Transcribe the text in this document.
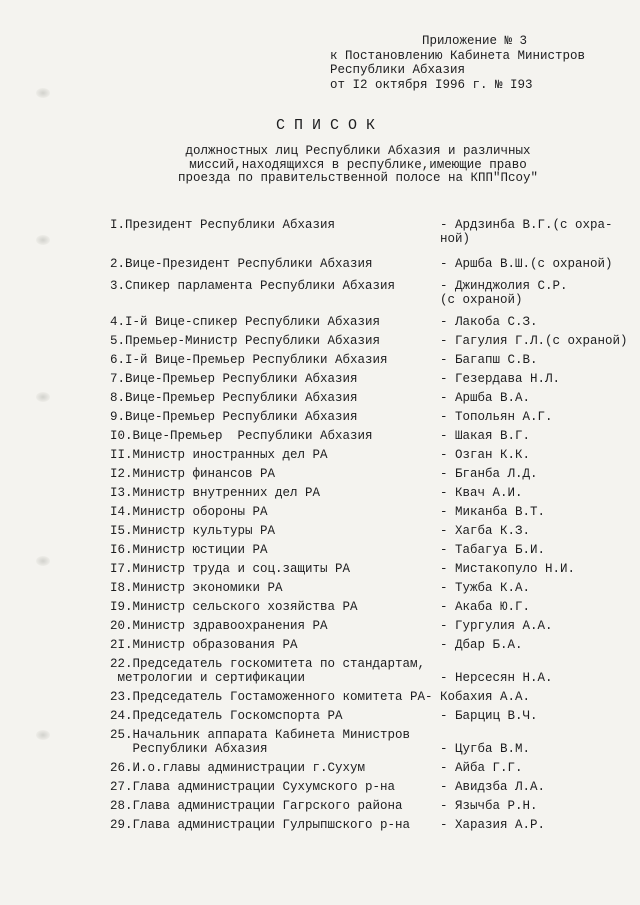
Приложение № 3
к Постановлению Кабинета Министров
Республики Абхазия
от I2 октября I996 г. № I93
СПИСОК
должностных лиц Республики Абхазия и различных
миссий,находящихся в республике,имеющие право
проезда по правительственной полосе на КПП"Псоу"
I.Президент Республики Абхазия	- Ардзинба В.Г.(с охра-
ной)
2.Вице-Президент Республики Абхазия	- Аршба В.Ш.(с охраной)
3.Спикер парламента Республики Абхазия	- Джинджолия С.Р.
(с охраной)
4.I-й Вице-спикер Республики Абхазия	- Лакоба С.З.
5.Премьер-Министр Республики Абхазия	- Гагулия Г.Л.(с охраной)
6.I-й Вице-Премьер Республики Абхазия	- Багапш С.В.
7.Вице-Премьер Республики Абхазия	- Гезердава Н.Л.
8.Вице-Премьер Республики Абхазия	- Аршба В.А.
9.Вице-Премьер Республики Абхазия	- Топольян А.Г.
I0.Вице-Премьер  Республики Абхазия	- Шакая В.Г.
II.Министр иностранных дел РА	- Озган К.К.
I2.Министр финансов РА	- Бганба Л.Д.
I3.Министр внутренних дел РА	- Квач А.И.
I4.Министр обороны РА	- Миканба В.Т.
I5.Министр культуры РА	- Хагба К.З.
I6.Министр юстиции РА	- Табагуа Б.И.
I7.Министр труда и соц.защиты РА	- Мистакопуло Н.И.
I8.Министр экономики РА	- Тужба К.А.
I9.Министр сельского хозяйства РА	- Акаба Ю.Г.
20.Министр здравоохранения РА	- Гургулия А.А.
2I.Министр образования РА	- Дбар Б.А.
22.Председатель госкомитета по стандартам,
метрологии и сертификации	
- Нерсесян Н.А.
23.Председатель Гостаможенного комитета РА- Кобахия А.А.
24.Председатель Госкомспорта РА	- Барциц В.Ч.
25.Начальник аппарата Кабинета Министров
Республики Абхазия	
- Цугба В.М.
26.И.о.главы администрации г.Сухум	- Айба Г.Г.
27.Глава администрации Сухумского р-на	- Авидзба Л.А.
28.Глава администрации Гагрского района	- Язычба Р.Н.
29.Глава администрации Гулрыпшского р-на	- Харазия А.Р.
